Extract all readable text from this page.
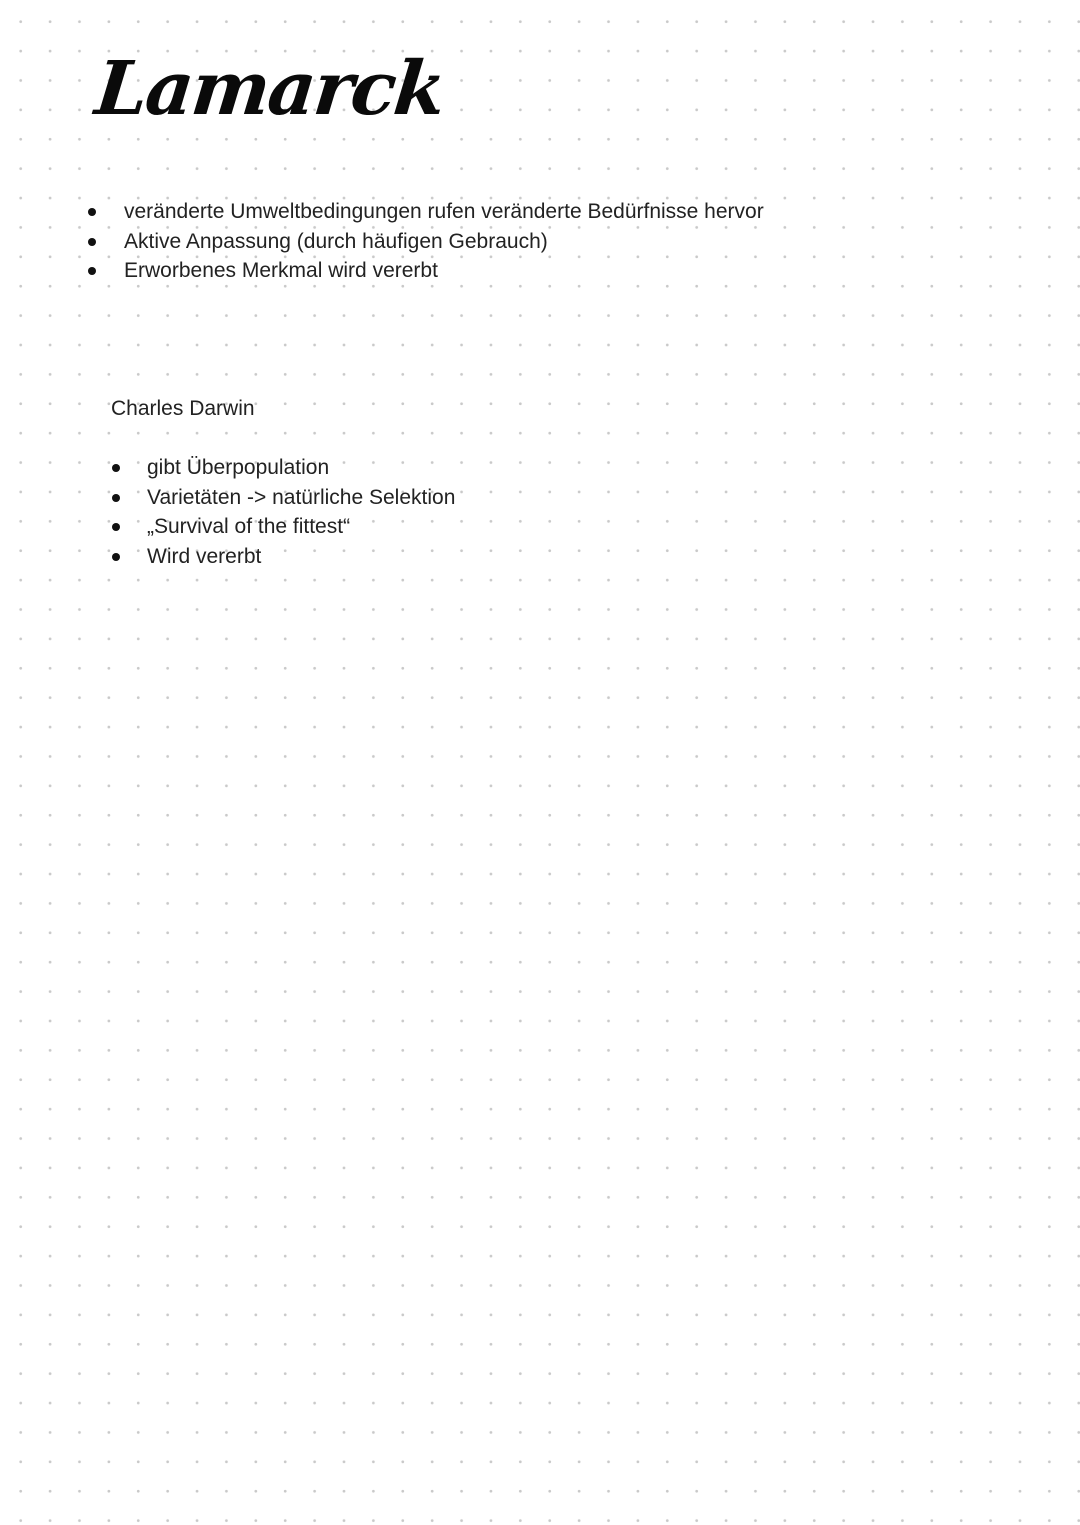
Lamarck
veränderte Umweltbedingungen rufen veränderte Bedürfnisse hervor
Aktive Anpassung (durch häufigen Gebrauch)
Erworbenes Merkmal wird vererbt
Charles Darwin
gibt Überpopulation
Varietäten -> natürliche Selektion
„Survival of the fittest“
Wird vererbt
